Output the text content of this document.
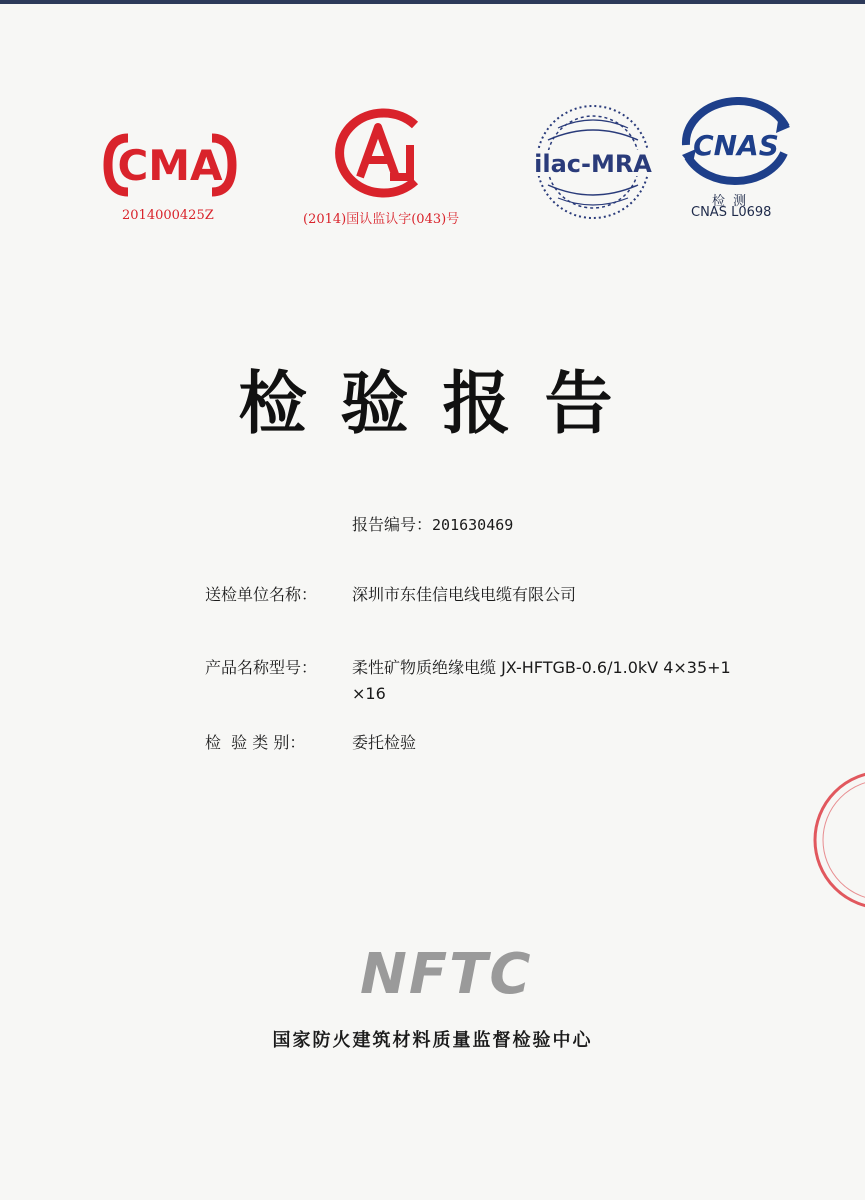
CMA
2014000425Z	(2014)国认监认字(043)号
ilac-MRA
CNAS
检 测
CNAS L0698
检验报告
报告编号：201630469
送检单位名称： 深圳市东佳信电线电缆有限公司
产品名称型号： 柔性矿物质绝缘电缆 JX-HFTGB-0.6/1.0kV 4×35+1
×16
检  验 类 别：	委托检验
NFTC
国家防火建筑材料质量监督检验中心
